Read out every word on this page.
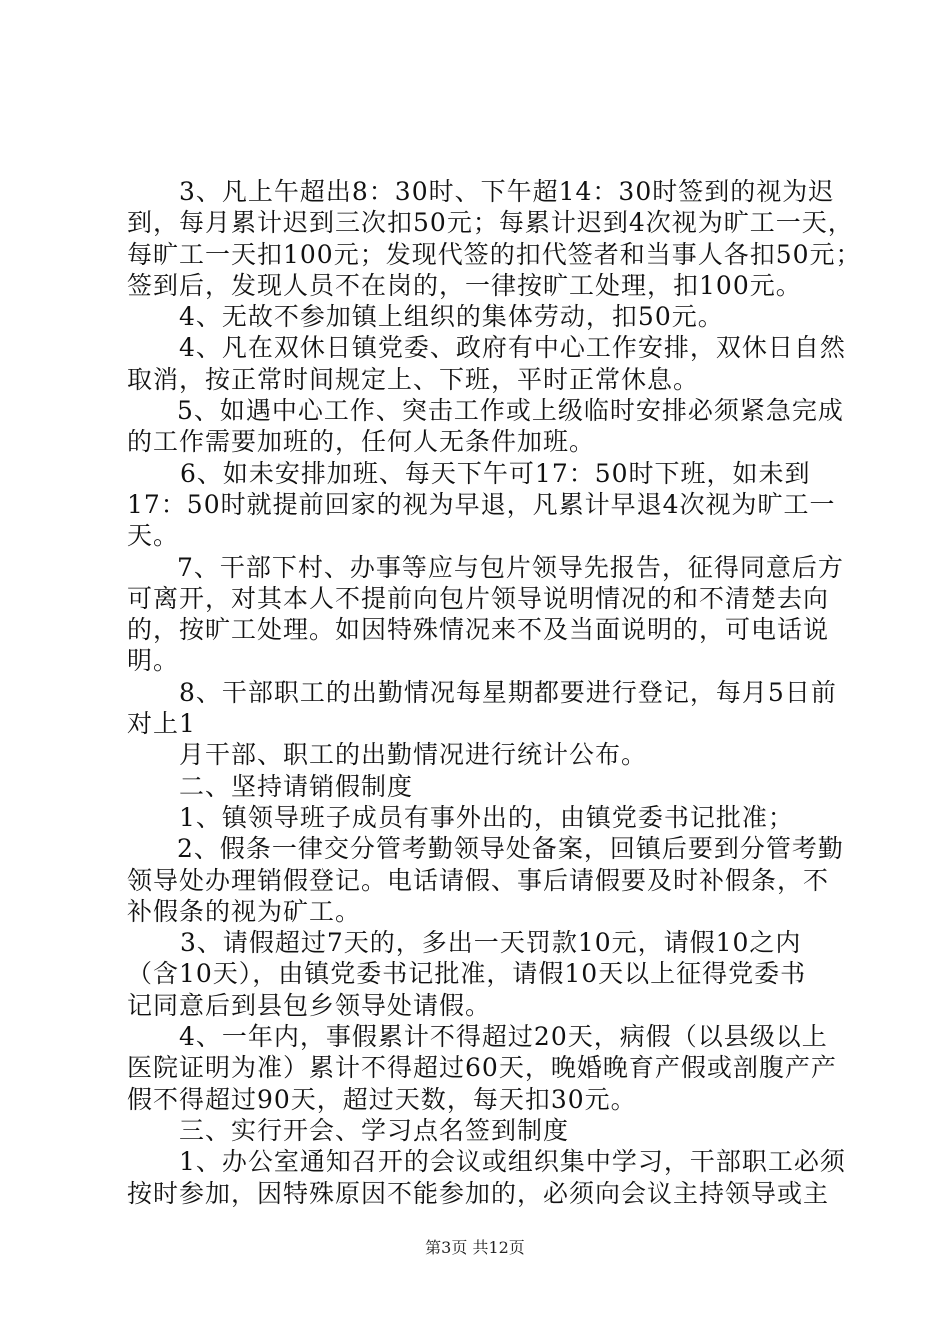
3、凡上午超出8：30时、下午超14：30时签到的视为迟
到，每月累计迟到三次扣50元；每累计迟到4次视为旷工一天，
每旷工一天扣100元；发现代签的扣代签者和当事人各扣50元；
签到后，发现人员不在岗的，一律按旷工处理，扣100元。
4、无故不参加镇上组织的集体劳动，扣50元。
4、凡在双休日镇党委、政府有中心工作安排，双休日自然
取消，按正常时间规定上、下班，平时正常休息。
5、如遇中心工作、突击工作或上级临时安排必须紧急完成
的工作需要加班的，任何人无条件加班。
6、如未安排加班、每天下午可17：50时下班，如未到
17：50时就提前回家的视为早退，凡累计早退4次视为旷工一
天。
7、干部下村、办事等应与包片领导先报告，征得同意后方
可离开，对其本人不提前向包片领导说明情况的和不清楚去向
的，按旷工处理。如因特殊情况来不及当面说明的，可电话说
明。
8、干部职工的出勤情况每星期都要进行登记，每月5日前
对上1
月干部、职工的出勤情况进行统计公布。
二、坚持请销假制度
1、镇领导班子成员有事外出的，由镇党委书记批准；
2、假条一律交分管考勤领导处备案，回镇后要到分管考勤
领导处办理销假登记。电话请假、事后请假要及时补假条，不
补假条的视为矿工。
3、请假超过7天的，多出一天罚款10元，请假10之内
（含10天），由镇党委书记批准，请假10天以上征得党委书
记同意后到县包乡领导处请假。
4、一年内，事假累计不得超过20天，病假（以县级以上
医院证明为准）累计不得超过60天，晚婚晚育产假或剖腹产产
假不得超过90天，超过天数，每天扣30元。
三、实行开会、学习点名签到制度
1、办公室通知召开的会议或组织集中学习，干部职工必须
按时参加，因特殊原因不能参加的，必须向会议主持领导或主
第3页 共12页
